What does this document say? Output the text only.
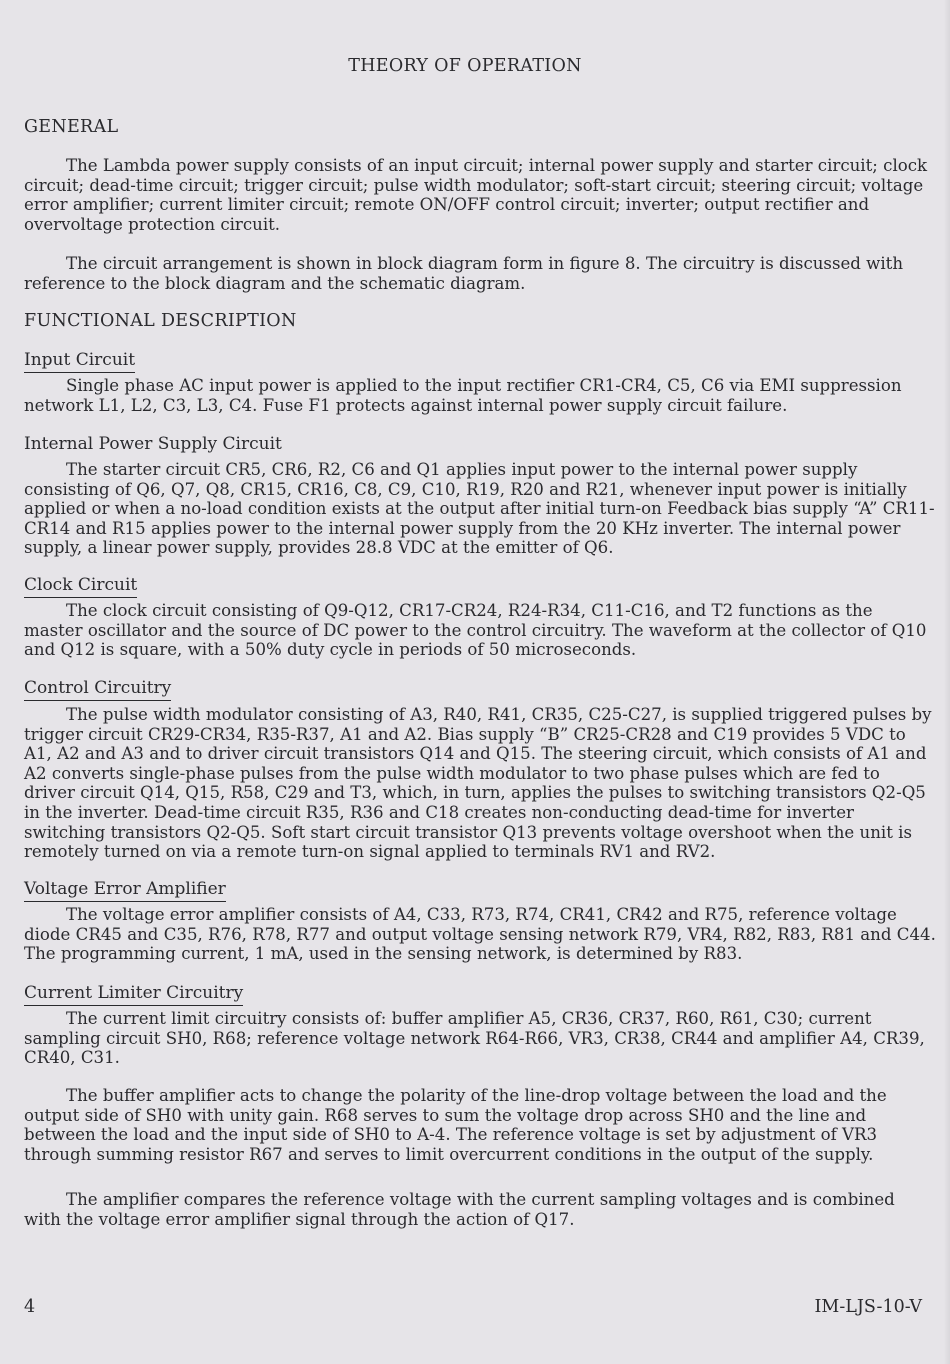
THEORY OF OPERATION
GENERAL

The Lambda power supply consists of an input circuit; internal power supply and starter circuit; clock circuit; dead-time circuit; trigger circuit; pulse width modulator; soft-start circuit; steering circuit; voltage error amplifier; current limiter circuit; remote ON/OFF control circuit; inverter; output rectifier and overvoltage protection circuit.

The circuit arrangement is shown in block diagram form in figure 8. The circuitry is discussed with reference to the block diagram and the schematic diagram.

FUNCTIONAL DESCRIPTION
Input Circuit

Single phase AC input power is applied to the input rectifier CR1-CR4, C5, C6 via EMI suppression network L1, L2, C3, L3, C4. Fuse F1 protects against internal power supply circuit failure.

Internal Power Supply Circuit

The starter circuit CR5, CR6, R2, C6 and Q1 applies input power to the internal power supply consisting of Q6, Q7, Q8, CR15, CR16, C8, C9, C10, R19, R20 and R21, whenever input power is initially applied or when a no-load condition exists at the output after initial turn-on Feedback bias supply “A” CR11-CR14 and R15 applies power to the internal power supply from the 20 KHz inverter. The internal power supply, a linear power supply, provides 28.8 VDC at the emitter of Q6.

Clock Circuit

The clock circuit consisting of Q9-Q12, CR17-CR24, R24-R34, C11-C16, and T2 functions as the master oscillator and the source of DC power to the control circuitry. The waveform at the collector of Q10 and Q12 is square, with a 50% duty cycle in periods of 50 microseconds.

Control Circuitry

The pulse width modulator consisting of A3, R40, R41, CR35, C25-C27, is supplied triggered pulses by trigger circuit CR29-CR34, R35-R37, A1 and A2. Bias supply “B” CR25-CR28 and C19 provides 5 VDC to A1, A2 and A3 and to driver circuit transistors Q14 and Q15. The steering circuit, which consists of A1 and A2 converts single-phase pulses from the pulse width modulator to two phase pulses which are fed to driver circuit Q14, Q15, R58, C29 and T3, which, in turn, applies the pulses to switching transistors Q2-Q5 in the inverter. Dead-time circuit R35, R36 and C18 creates non-conducting dead-time for inverter switching transistors Q2-Q5. Soft start circuit transistor Q13 prevents voltage overshoot when the unit is remotely turned on via a remote turn-on signal applied to terminals RV1 and RV2.

Voltage Error Amplifier

The voltage error amplifier consists of A4, C33, R73, R74, CR41, CR42 and R75, reference voltage diode CR45 and C35, R76, R78, R77 and output voltage sensing network R79, VR4, R82, R83, R81 and C44. The programming current, 1 mA, used in the sensing network, is determined by R83.

Current Limiter Circuitry

The current limit circuitry consists of: buffer amplifier A5, CR36, CR37, R60, R61, C30; current sampling circuit SH0, R68; reference voltage network R64-R66, VR3, CR38, CR44 and amplifier A4, CR39, CR40, C31.

The buffer amplifier acts to change the polarity of the line-drop voltage between the load and the output side of SH0 with unity gain. R68 serves to sum the voltage drop across SH0 and the line and between the load and the input side of SH0 to A-4. The reference voltage is set by adjustment of VR3 through summing resistor R67 and serves to limit overcurrent conditions in the output of the supply.

The amplifier compares the reference voltage with the current sampling voltages and is combined with the voltage error amplifier signal through the action of Q17.

4	IM-LJS-10-V
